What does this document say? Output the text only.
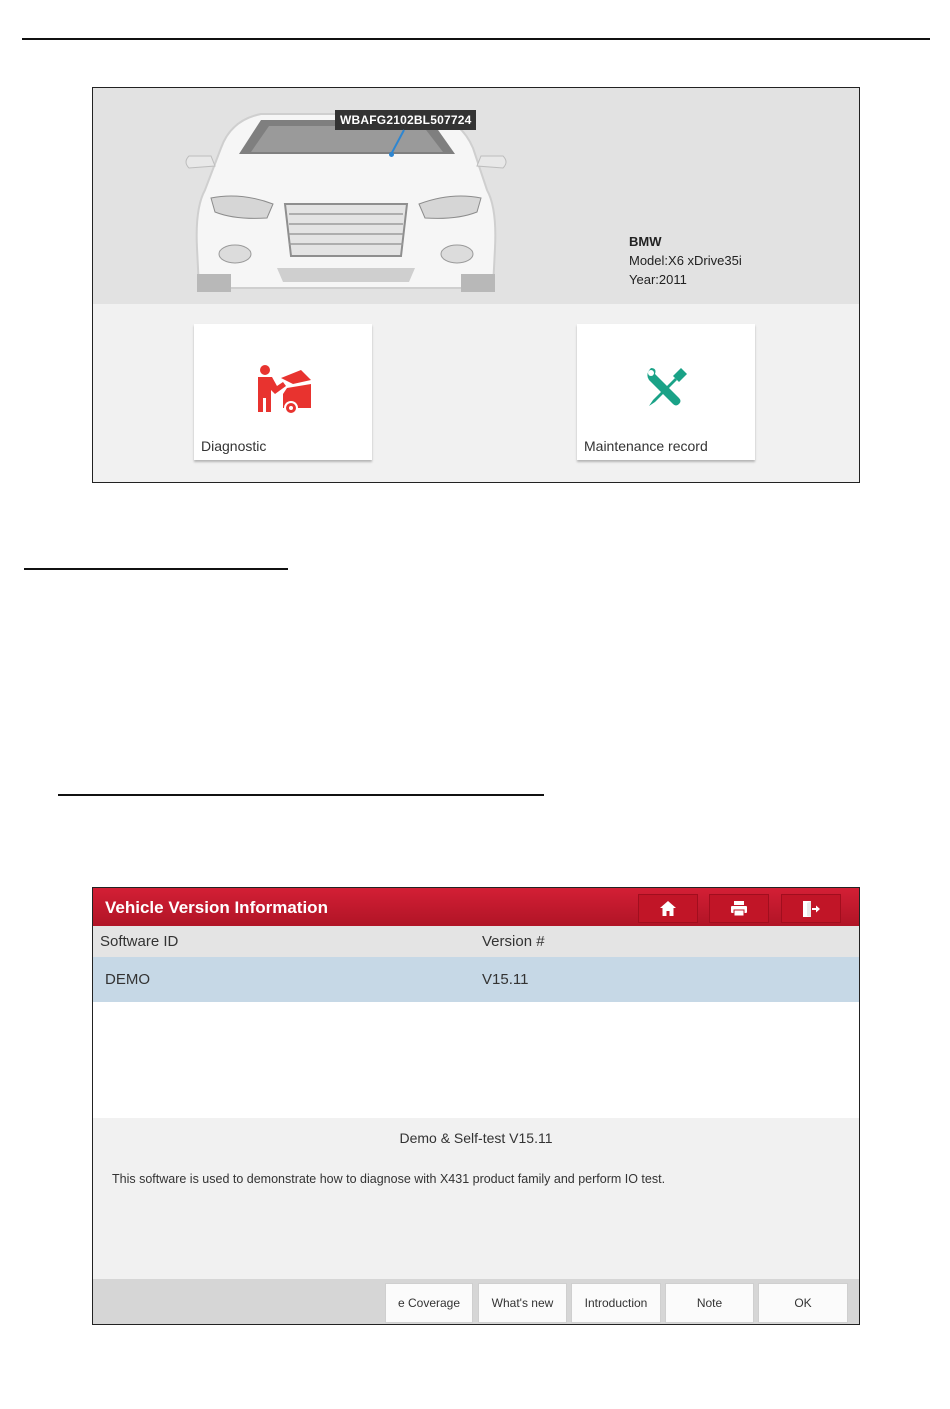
WBAFG2102BL507724
BMW
Model:X6 xDrive35i
Year:2011
Diagnostic	Maintenance record
Vehicle Version Information
Software ID	Version #
DEMO	V15.11
Demo & Self-test V15.11
This software is used to demonstrate how to diagnose with X431 product family and perform IO test.
е Coverage	What's new	Introduction	Note	OK
